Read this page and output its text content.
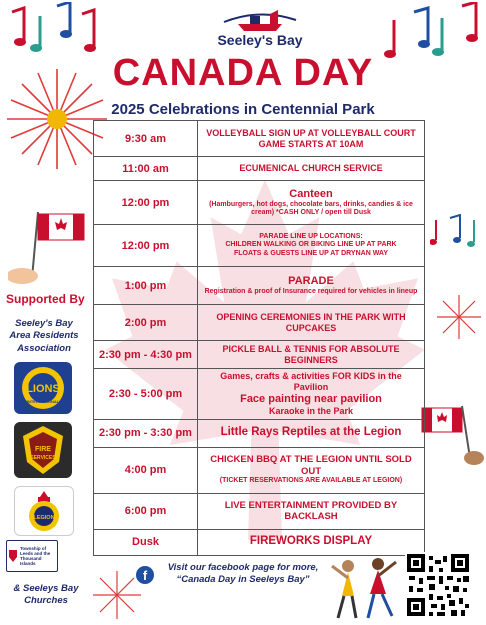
Seeley's Bay
CANADA DAY
2025 Celebrations in Centennial Park
9:30 am	VOLLEYBALL SIGN UP AT VOLLEYBALL COURT
GAME STARTS AT 10AM

11:00 am	ECUMENICAL CHURCH SERVICE

12:00 pm	Canteen
(Hamburgers, hot dogs, chocolate bars, drinks, candies & ice cream) *CASH ONLY / open till Dusk

12:00 pm	PARADE LINE UP LOCATIONS:
CHILDREN WALKING OR BIKING LINE UP AT PARK
FLOATS & GUESTS LINE UP AT DRYNAN WAY

1:00 pm	PARADE
Registration & proof of Insurance required for vehicles in lineup

2:00 pm	OPENING CEREMONIES IN THE PARK WITH CUPCAKES

2:30 pm - 4:30 pm	PICKLE BALL & TENNIS FOR ABSOLUTE BEGINNERS

2:30 - 5:00 pm	Games, crafts & activities FOR KIDS in the Pavilion
Face painting near pavilion
Karaoke in the Park

2:30 pm - 3:30 pm	Little Rays Reptiles at the Legion

4:00 pm	CHICKEN BBQ AT THE LEGION UNTIL SOLD OUT
(TICKET RESERVATIONS ARE AVAILABLE AT LEGION)

6:00 pm	LIVE ENTERTAINMENT PROVIDED BY BACKLASH

Dusk	FIREWORKS DISPLAY
Supported By
Seeley's Bay Area Residents Association
LIONS
INTERNATIONAL
FIRE
SERVICES
LEGION
Township of Leeds and the Thousand Islands
& Seeleys Bay Churches
f
Visit our facebook page for more, “Canada Day in Seeleys Bay”
